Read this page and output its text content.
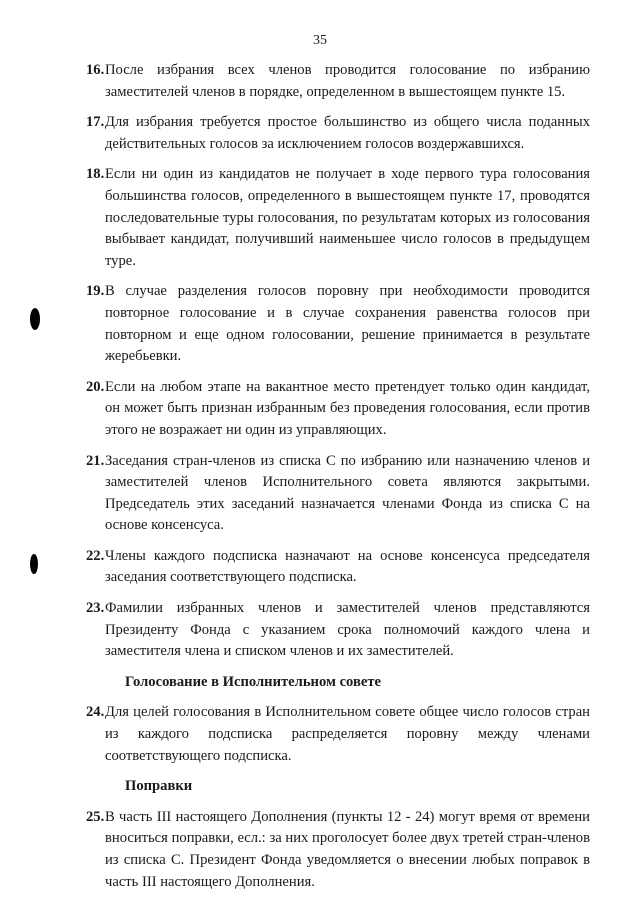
35
16. После избрания всех членов проводится голосование по избранию заместителей членов в порядке, определенном в вышестоящем пункте 15.
17. Для избрания требуется простое большинство из общего числа поданных действительных голосов за исключением голосов воздержавшихся.
18. Если ни один из кандидатов не получает в ходе первого тура голосования большинства голосов, определенного в вышестоящем пункте 17, проводятся последовательные туры голосования, по результатам которых из голосования выбывает кандидат, получивший наименьшее число голосов в предыдущем туре.
19. В случае разделения голосов поровну при необходимости проводится повторное голосование и в случае сохранения равенства голосов при повторном и еще одном голосовании, решение принимается в результате жеребьевки.
20. Если на любом этапе на вакантное место претендует только один кандидат, он может быть признан избранным без проведения голосования, если против этого не возражает ни один из управляющих.
21. Заседания стран-членов из списка С по избранию или назначению членов и заместителей членов Исполнительного совета являются закрытыми. Председатель этих заседаний назначается членами Фонда из списка С на основе консенсуса.
22. Члены каждого подсписка назначают на основе консенсуса председателя заседания соответствующего подсписка.
23. Фамилии избранных членов и заместителей членов представляются Президенту Фонда с указанием срока полномочий каждого члена и заместителя члена и списком членов и их заместителей.
Голосование в Исполнительном совете
24. Для целей голосования в Исполнительном совете общее число голосов стран из каждого подсписка распределяется поровну между членами соответствующего подсписка.
Поправки
25. В часть III настоящего Дополнения (пункты 12 - 24) могут время от времени вноситься поправки, есл.: за них проголосует более двух третей стран-членов из списка С. Президент Фонда уведомляется о внесении любых поправок в часть III настоящего Дополнения.
